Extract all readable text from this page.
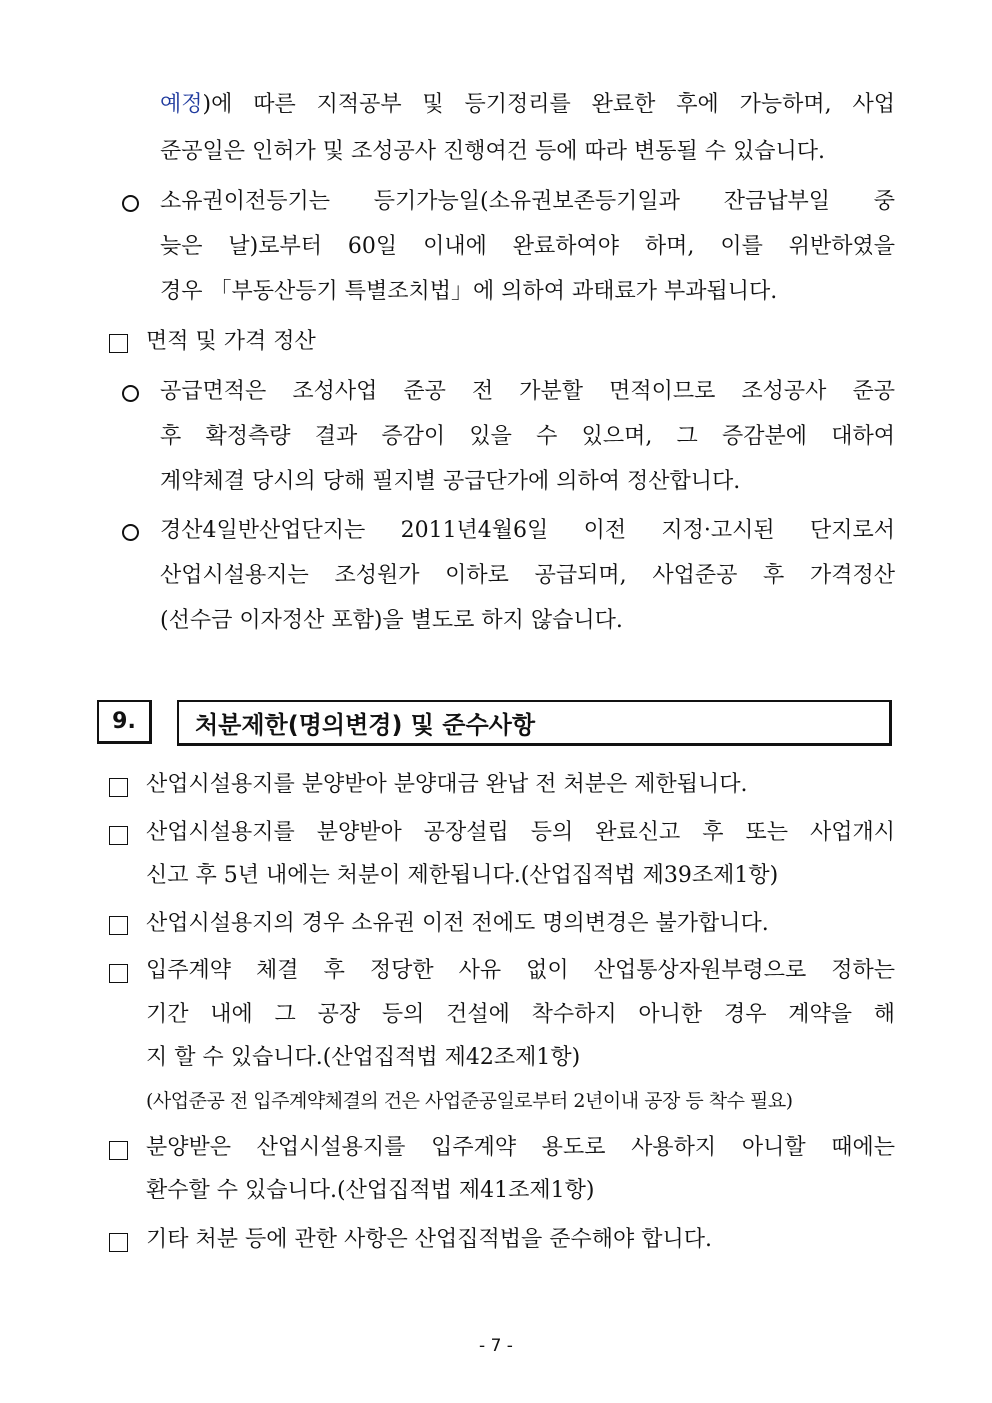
예정)에 따른 지적공부 및 등기정리를 완료한 후에 가능하며, 사업
준공일은 인허가 및 조성공사 진행여건 등에 따라 변동될 수 있습니다.
소유권이전등기는 등기가능일(소유권보존등기일과 잔금납부일 중
늦은 날)로부터 60일 이내에 완료하여야 하며, 이를 위반하였을
경우 「부동산등기 특별조치법」에 의하여 과태료가 부과됩니다.
면적 및 가격 정산
공급면적은 조성사업 준공 전 가분할 면적이므로 조성공사 준공
후 확정측량 결과 증감이 있을 수 있으며, 그 증감분에 대하여
계약체결 당시의 당해 필지별 공급단가에 의하여 정산합니다.
경산4일반산업단지는 2011년4월6일 이전 지정·고시된 단지로서
산업시설용지는 조성원가 이하로 공급되며, 사업준공 후 가격정산
(선수금 이자정산 포함)을 별도로 하지 않습니다.
9.	처분제한(명의변경) 및 준수사항
산업시설용지를 분양받아 분양대금 완납 전 처분은 제한됩니다.
산업시설용지를 분양받아 공장설립 등의 완료신고 후 또는 사업개시
신고 후 5년 내에는 처분이 제한됩니다.(산업집적법 제39조제1항)
산업시설용지의 경우 소유권 이전 전에도 명의변경은 불가합니다.
입주계약 체결 후 정당한 사유 없이 산업통상자원부령으로 정하는
기간 내에 그 공장 등의 건설에 착수하지 아니한 경우 계약을 해
지 할 수 있습니다.(산업집적법 제42조제1항)
(사업준공 전 입주계약체결의 건은 사업준공일로부터 2년이내 공장 등 착수 필요)
분양받은 산업시설용지를 입주계약 용도로 사용하지 아니할 때에는
환수할 수 있습니다.(산업집적법 제41조제1항)
기타 처분 등에 관한 사항은 산업집적법을 준수해야 합니다.
- 7 -
